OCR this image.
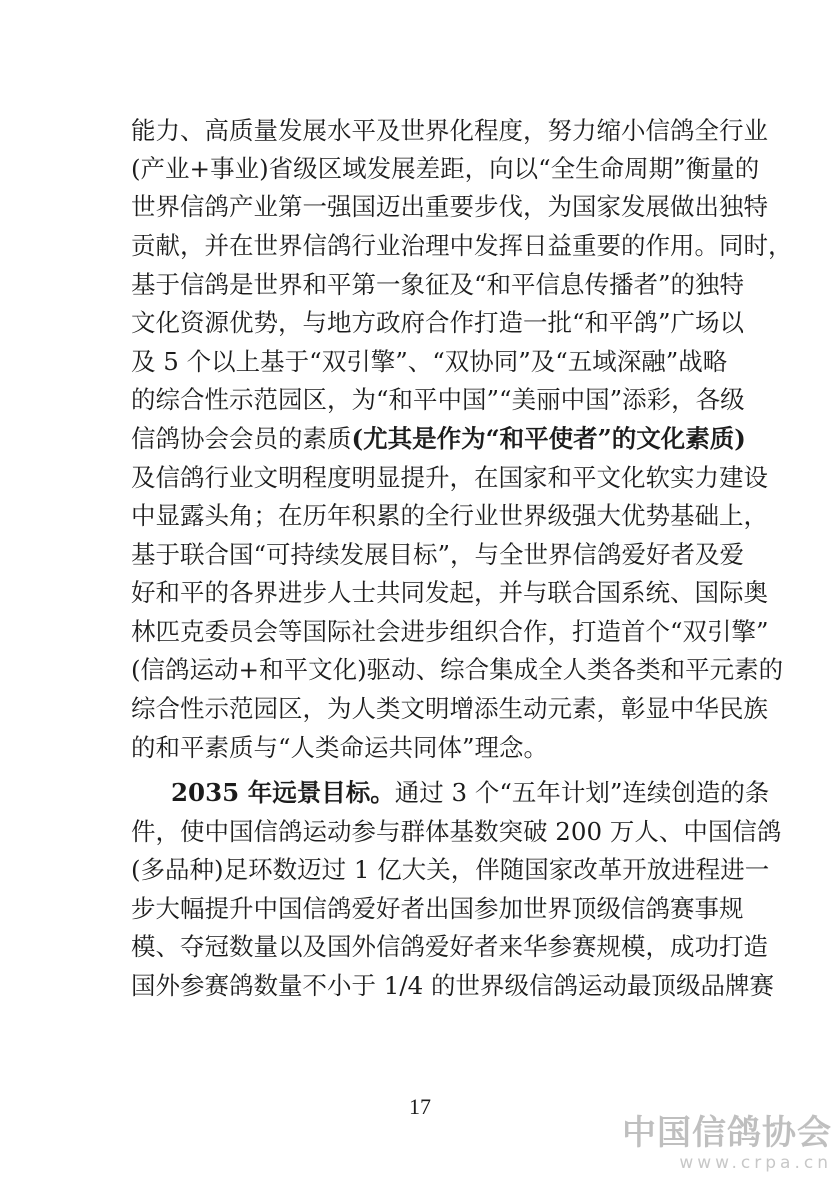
能力、高质量发展水平及世界化程度，努力缩小信鸽全行业
(产业+事业)省级区域发展差距，向以“全生命周期”衡量的
世界信鸽产业第一强国迈出重要步伐，为国家发展做出独特
贡献，并在世界信鸽行业治理中发挥日益重要的作用。同时，
基于信鸽是世界和平第一象征及“和平信息传播者”的独特
文化资源优势，与地方政府合作打造一批“和平鸽”广场以
及 5 个以上基于“双引擎”、“双协同”及“五域深融”战略
的综合性示范园区，为“和平中国”“美丽中国”添彩，各级
信鸽协会会员的素质(尤其是作为“和平使者”的文化素质)
及信鸽行业文明程度明显提升，在国家和平文化软实力建设
中显露头角；在历年积累的全行业世界级强大优势基础上，
基于联合国“可持续发展目标”，与全世界信鸽爱好者及爱
好和平的各界进步人士共同发起，并与联合国系统、国际奥
林匹克委员会等国际社会进步组织合作，打造首个“双引擎”
(信鸽运动+和平文化)驱动、综合集成全人类各类和平元素的
综合性示范园区，为人类文明增添生动元素，彰显中华民族
的和平素质与“人类命运共同体”理念。
2035 年远景目标。通过 3 个“五年计划”连续创造的条
件，使中国信鸽运动参与群体基数突破 200 万人、中国信鸽
(多品种)足环数迈过 1 亿大关，伴随国家改革开放进程进一
步大幅提升中国信鸽爱好者出国参加世界顶级信鸽赛事规
模、夺冠数量以及国外信鸽爱好者来华参赛规模，成功打造
国外参赛鸽数量不小于 1/4 的世界级信鸽运动最顶级品牌赛
17
中国信鸽协会
www.crpa.cn
